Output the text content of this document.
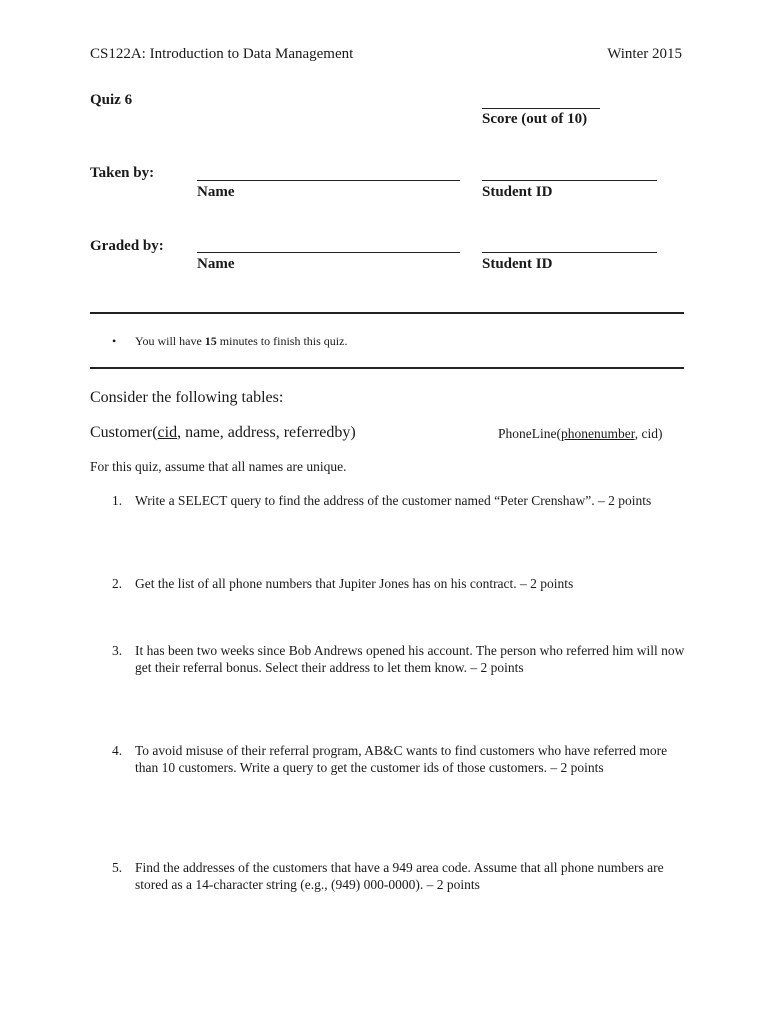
CS122A: Introduction to Data Management	Winter 2015
Quiz 6
Score (out of 10)
Taken by:
Name	Student ID
Graded by:
Name	Student ID
• You will have 15 minutes to finish this quiz.
Consider the following tables:
Customer(cid, name, address, referredby)	PhoneLine(phonenumber, cid)
For this quiz, assume that all names are unique.
1. Write a SELECT query to find the address of the customer named “Peter Crenshaw”. – 2 points
2. Get the list of all phone numbers that Jupiter Jones has on his contract. – 2 points
3. It has been two weeks since Bob Andrews opened his account. The person who referred him will now get their referral bonus. Select their address to let them know. – 2 points
4. To avoid misuse of their referral program, AB&C wants to find customers who have referred more than 10 customers. Write a query to get the customer ids of those customers. – 2 points
5. Find the addresses of the customers that have a 949 area code. Assume that all phone numbers are stored as a 14-character string (e.g., (949) 000-0000). – 2 points
